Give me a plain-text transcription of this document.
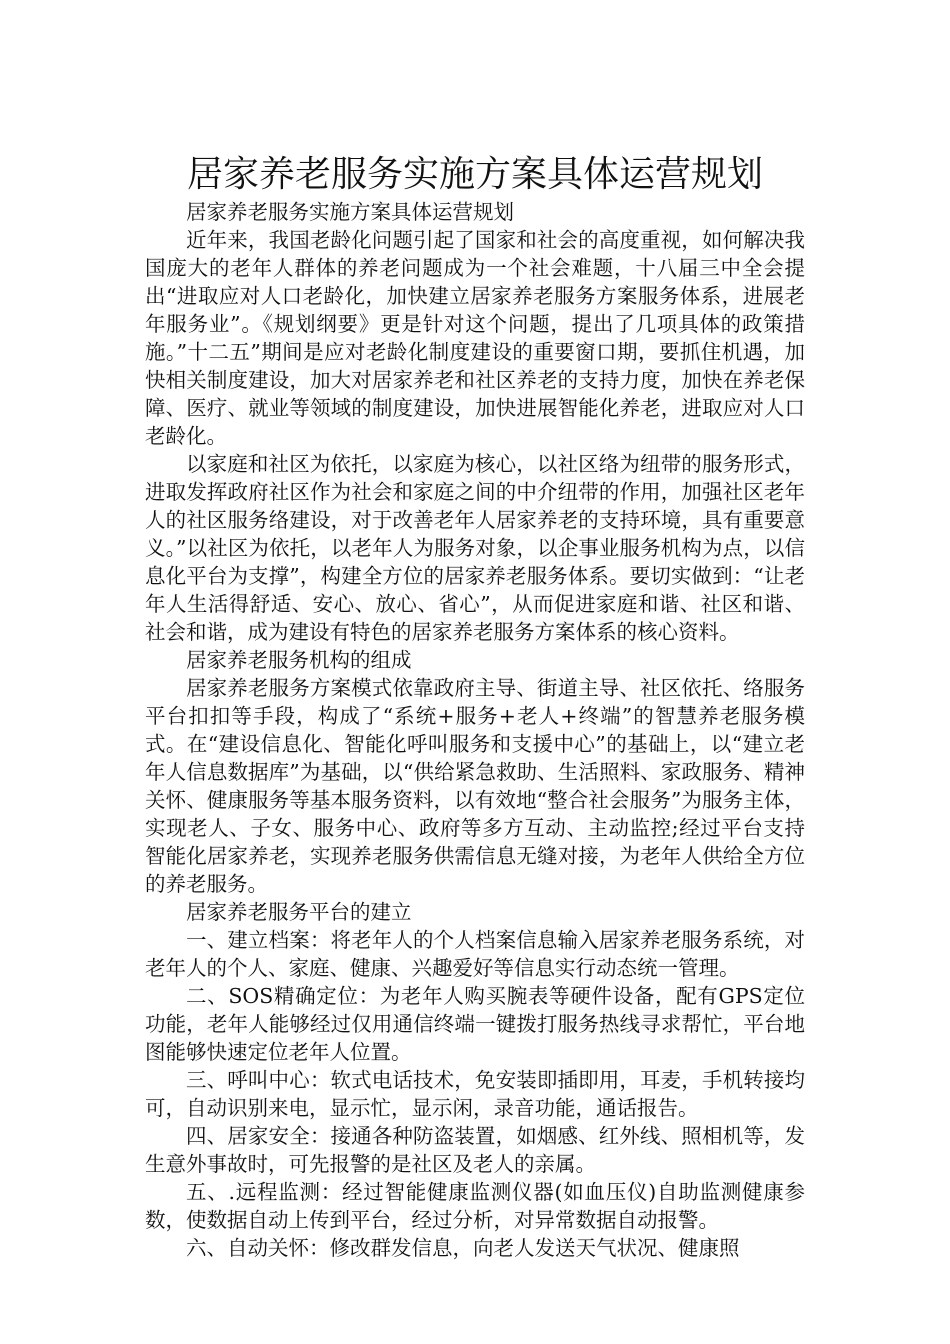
居家养老服务实施方案具体运营规划

居家养老服务实施方案具体运营规划

近年来，我国老龄化问题引起了国家和社会的高度重视，如何解决我国庞大的老年人群体的养老问题成为一个社会难题，十八届三中全会提出“进取应对人口老龄化，加快建立居家养老服务方案服务体系，进展老年服务业”。《规划纲要》更是针对这个问题，提出了几项具体的政策措施。”十二五”期间是应对老龄化制度建设的重要窗口期，要抓住机遇，加快相关制度建设，加大对居家养老和社区养老的支持力度，加快在养老保障、医疗、就业等领域的制度建设，加快进展智能化养老，进取应对人口老龄化。

以家庭和社区为依托，以家庭为核心，以社区络为纽带的服务形式，进取发挥政府社区作为社会和家庭之间的中介纽带的作用，加强社区老年人的社区服务络建设，对于改善老年人居家养老的支持环境，具有重要意义。”以社区为依托，以老年人为服务对象，以企事业服务机构为点，以信息化平台为支撑”，构建全方位的居家养老服务体系。要切实做到：“让老年人生活得舒适、安心、放心、省心”，从而促进家庭和谐、社区和谐、社会和谐，成为建设有特色的居家养老服务方案体系的核心资料。

居家养老服务机构的组成

居家养老服务方案模式依靠政府主导、街道主导、社区依托、络服务平台扣扣等手段，构成了“系统+服务+老人+终端”的智慧养老服务模式。在“建设信息化、智能化呼叫服务和支援中心”的基础上，以“建立老年人信息数据库”为基础，以“供给紧急救助、生活照料、家政服务、精神关怀、健康服务等基本服务资料，以有效地“整合社会服务”为服务主体，实现老人、子女、服务中心、政府等多方互动、主动监控;经过平台支持智能化居家养老，实现养老服务供需信息无缝对接，为老年人供给全方位的养老服务。

居家养老服务平台的建立

一、建立档案：将老年人的个人档案信息输入居家养老服务系统，对老年人的个人、家庭、健康、兴趣爱好等信息实行动态统一管理。

二、SOS精确定位：为老年人购买腕表等硬件设备，配有GPS定位功能，老年人能够经过仅用通信终端一键拨打服务热线寻求帮忙，平台地图能够快速定位老年人位置。

三、呼叫中心：软式电话技术，免安装即插即用，耳麦，手机转接均可，自动识别来电，显示忙，显示闲，录音功能，通话报告。

四、居家安全：接通各种防盗装置，如烟感、红外线、照相机等，发生意外事故时，可先报警的是社区及老人的亲属。

五、.远程监测：经过智能健康监测仪器(如血压仪)自助监测健康参数，使数据自动上传到平台，经过分析，对异常数据自动报警。

六、自动关怀：修改群发信息，向老人发送天气状况、健康照
